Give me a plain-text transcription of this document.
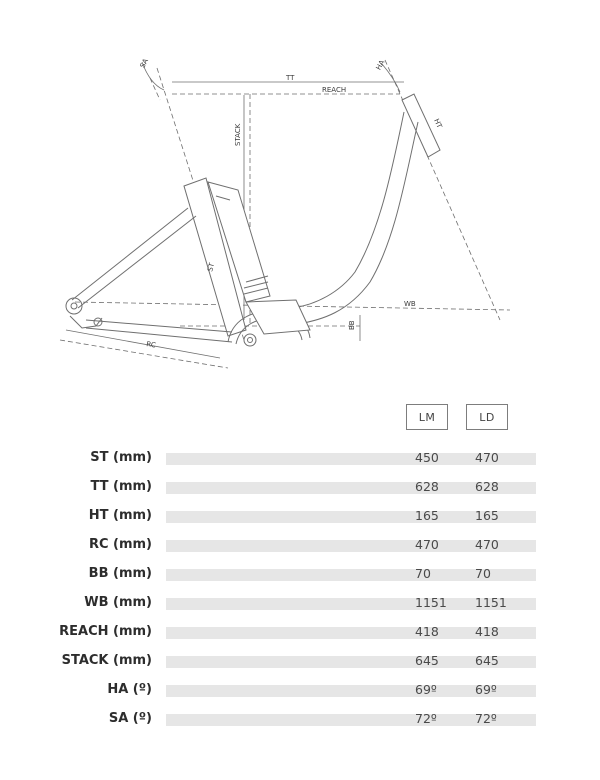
SA	HA
TT
REACH
STACK
HT
ST
WB
BB
RC
LM	LD
ST (mm)	450	470
TT (mm)	628	628
HT (mm)	165	165
RC (mm)	470	470
BB (mm)	70	70
WB (mm)	1151 1151
REACH (mm)	418	418
STACK (mm)	645	645
HA (º)	69º	69º
SA (º)	72º	72º
